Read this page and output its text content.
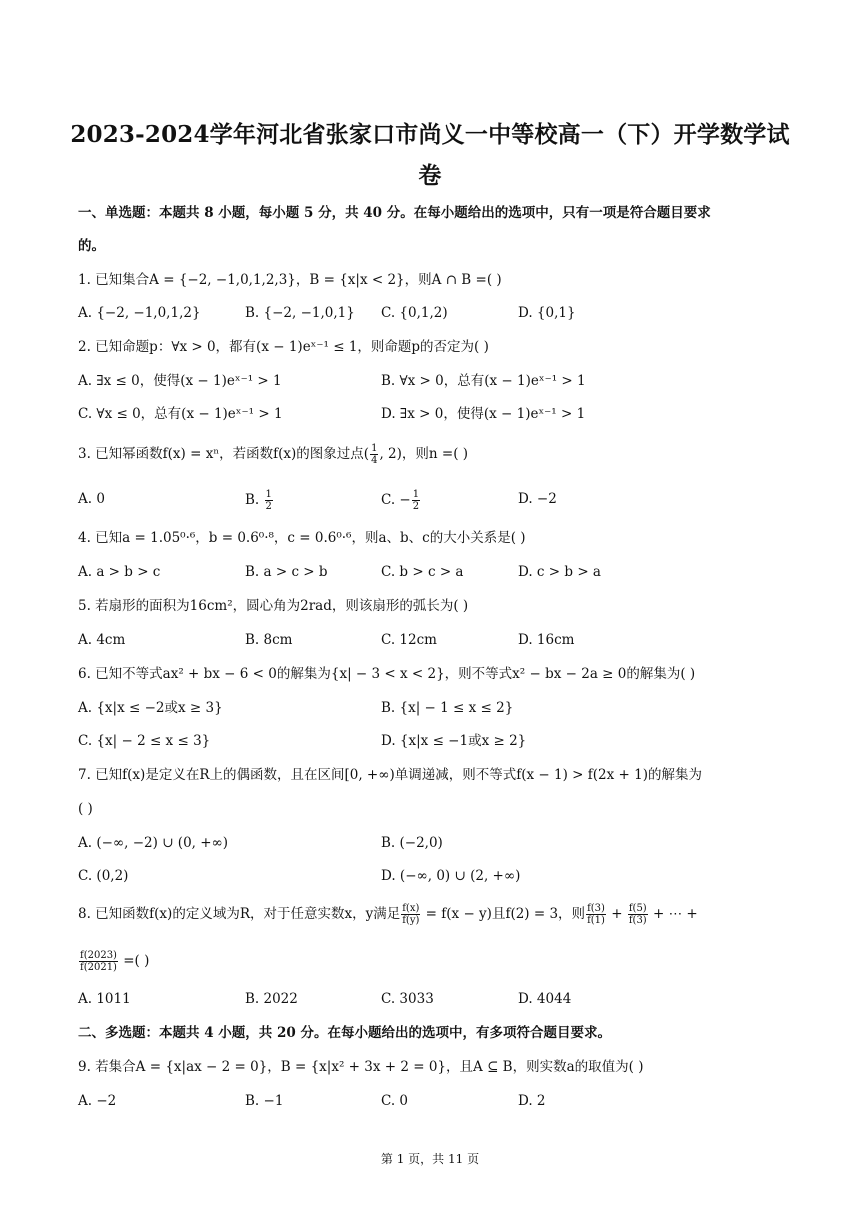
2023-2024学年河北省张家口市尚义一中等校高一（下）开学数学试
卷
一、单选题：本题共 8 小题，每小题 5 分，共 40 分。在每小题给出的选项中，只有一项是符合题目要求
的。
1. 已知集合A = {−2, −1,0,1,2,3}，B = {x|x < 2}，则A ∩ B =( )
A. {−2, −1,0,1,2}	B. {−2, −1,0,1} C. {0,1,2)	D. {0,1}
2. 已知命题p：∀x > 0，都有(x − 1)eˣ⁻¹ ≤ 1，则命题p的否定为( )
A. ∃x ≤ 0，使得(x − 1)eˣ⁻¹ > 1	B. ∀x > 0，总有(x − 1)eˣ⁻¹ > 1
C. ∀x ≤ 0，总有(x − 1)eˣ⁻¹ > 1	D. ∃x > 0，使得(x − 1)eˣ⁻¹ > 1
3. 已知幂函数f(x) = xⁿ，若函数f(x)的图象过点( $\frac{1}{4}$ , 2)，则n =( )
A. 0	B. $\frac{1}{2}$	C. − $\frac{1}{2}$	D. −2
4. 已知a = 1.05⁰·⁶，b = 0.6⁰·⁸，c = 0.6⁰·⁶，则a、b、c的大小关系是( )
A. a > b > c	B. a > c > b	C. b > c > a	D. c > b > a
5. 若扇形的面积为16cm²，圆心角为2rad，则该扇形的弧长为( )
A. 4cm	B. 8cm	C. 12cm	D. 16cm
6. 已知不等式ax² + bx − 6 < 0的解集为{x| − 3 < x < 2}，则不等式x² − bx − 2a ≥ 0的解集为( )
A. {x|x ≤ −2或x ≥ 3}	B. {x| − 1 ≤ x ≤ 2}
C. {x| − 2 ≤ x ≤ 3}	D. {x|x ≤ −1或x ≥ 2}
7. 已知f(x)是定义在R上的偶函数，且在区间[0, +∞)单调递减，则不等式f(x − 1) > f(2x + 1)的解集为
( )
A. (−∞, −2) ∪ (0, +∞)	B. (−2,0)
C. (0,2)	D. (−∞, 0) ∪ (2, +∞)
8. 已知函数f(x)的定义域为R，对于任意实数x，y满足 $\frac{f(x)}{f(y)} = f(x - y)$且f(2) = 3，则 $\frac{f(3)}{f(1)} + \frac{f(5)}{f(3)}$ + ⋯ +
$\frac{f(2023)}{f(2021)}$ =( )
A. 1011	B. 2022	C. 3033	D. 4044
二、多选题：本题共 4 小题，共 20 分。在每小题给出的选项中，有多项符合题目要求。
9. 若集合A = {x|ax − 2 = 0}，B = {x|x² + 3x + 2 = 0}，且A ⊆ B，则实数a的取值为( )
A. −2	B. −1	C. 0	D. 2
第 1 页，共 11 页
